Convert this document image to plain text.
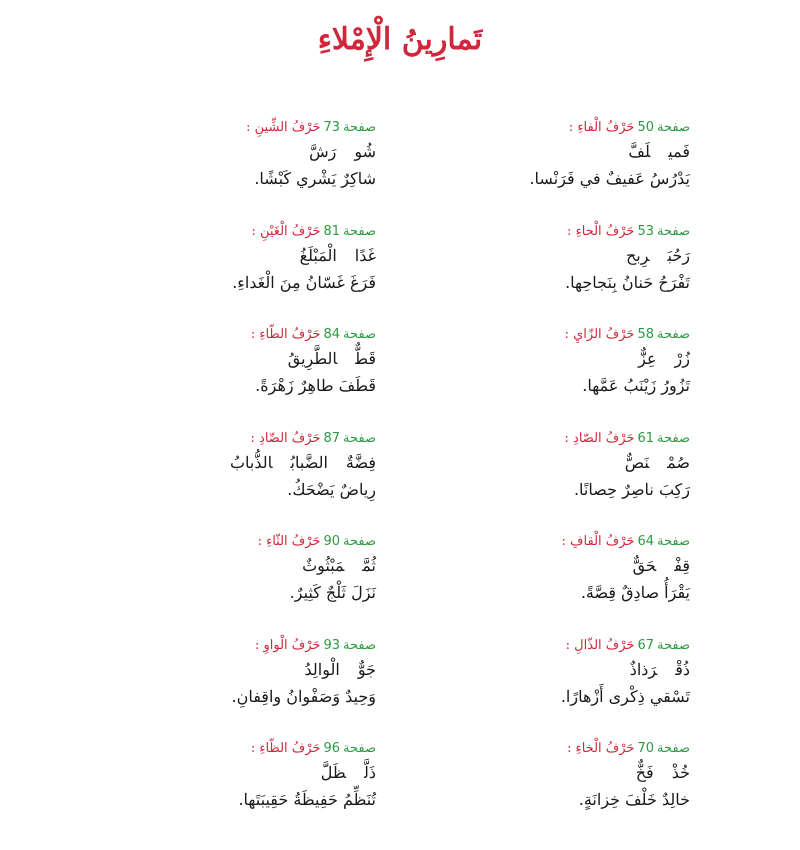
تَمارِينُ الْإِمْلاءِ
صفحة50حَرْفُ الْفاءِ :
فَميلَفَّ
يَدْرُسُ عَفيفٌ في فَرَنْسا.
صفحة73حَرْفُ الشِّينِ :
شُورَشَّ
شاكِرٌ يَشْري كَبْشًا.
صفحة53حَرْفُ الْحاءِ :
رَحُبَرِبح
تَفْرَحُ حَنانُ بِنَجاحِها.
صفحة81حَرْفُ الْغَيْنِ :
غَدًاالْمَبْلَغُ
فَرَغَ غَسّانُ مِنَ الْغَداءِ.
صفحة58حَرْفُ الزّايِ :
زُرْعِزٌّ
تَزُورُ زَيْنَبُ عَمَّها.
صفحة84حَرْفُ الطّاءِ :
قَطٌّالطَّرِيقُ
قَطَفَ طاهِرٌ زَهْرَةً.
صفحة61حَرْفُ الصّادِ :
صُمْنَصٌّ
رَكِبَ ناصِرٌ حِصانًا.
صفحة87حَرْفُ الضّادِ :
فِضَّةٌالضَّبابُالذُّبابُ
رِياضٌ يَضْحَكُ.
صفحة64حَرْفُ الْقافِ :
قِفْحَقٌّ
يَقْرَأُ صادِقٌ قِصَّةً.
صفحة90حَرْفُ الثّاءِ :
ثُمَّمَبْثُوثٌ
نَزَلَ ثَلْجٌ كَثِيرٌ.
صفحة67حَرْفُ الذّالِ :
ذُقْرَذاذٌ
تَسْقي ذِكْرى أَزْهارًا.
صفحة93حَرْفُ الْواوِ :
جَوٌّالْوالِدُ
وَحِيدٌ وَصَفْوانُ واقِفانِ.
صفحة70حَرْفُ الْخاءِ :
خُذْفَخٌّ
خالِدٌ خَلْفَ خِزانَةٍ.
صفحة96حَرْفُ الظّاءِ :
ذَلَّظَلَّ
تُنَظِّمُ حَفِيظَةُ حَقِيبَتَها.
